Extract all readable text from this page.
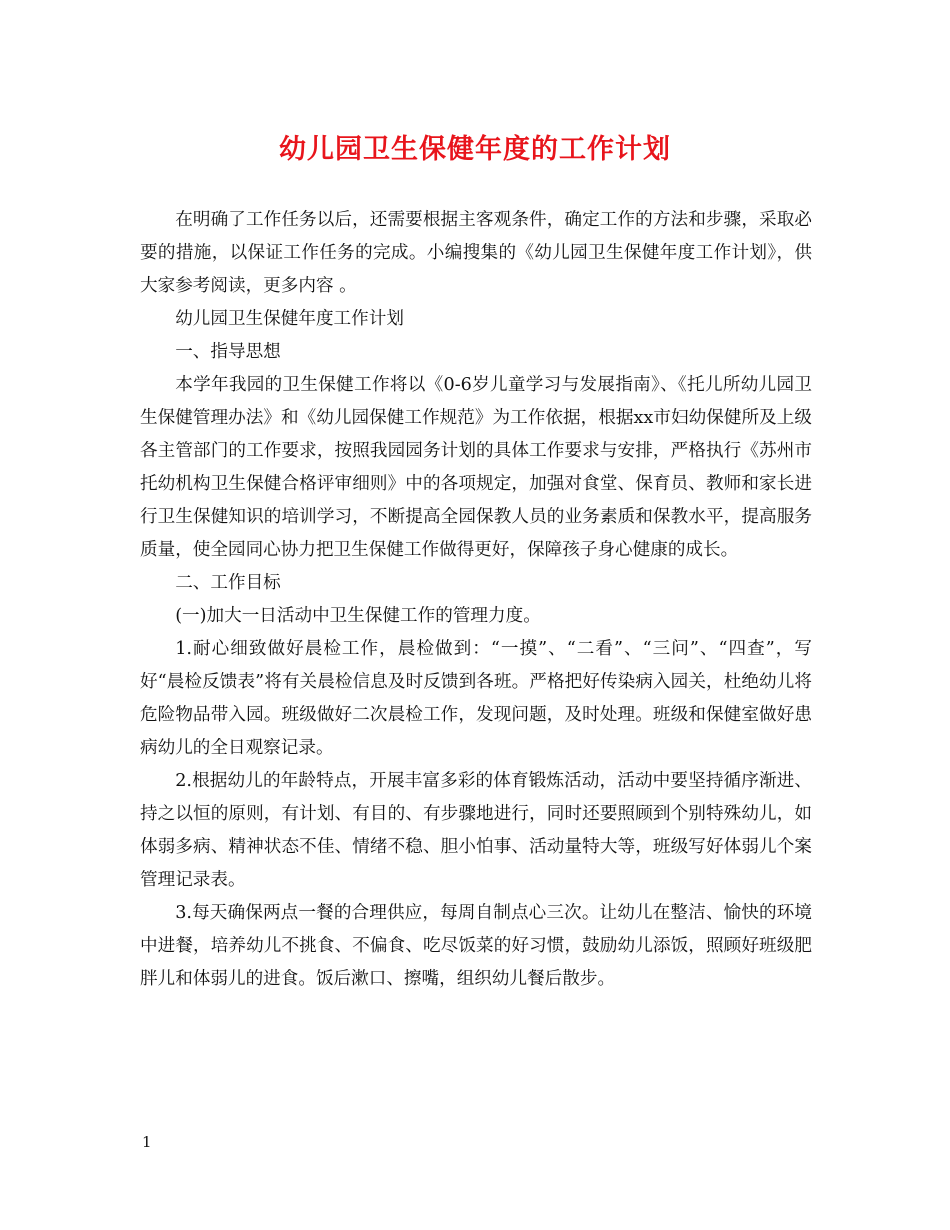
幼儿园卫生保健年度的工作计划

在明确了工作任务以后，还需要根据主客观条件，确定工作的方法和步骤，采取必要的措施，以保证工作任务的完成。小编搜集的《幼儿园卫生保健年度工作计划》，供大家参考阅读，更多内容 。

幼儿园卫生保健年度工作计划

一、指导思想

本学年我园的卫生保健工作将以《0-6岁儿童学习与发展指南》、《托儿所幼儿园卫生保健管理办法》和《幼儿园保健工作规范》为工作依据，根据xx市妇幼保健所及上级各主管部门的工作要求，按照我园园务计划的具体工作要求与安排，严格执行《苏州市托幼机构卫生保健合格评审细则》中的各项规定，加强对食堂、保育员、教师和家长进行卫生保健知识的培训学习，不断提高全园保教人员的业务素质和保教水平，提高服务质量，使全园同心协力把卫生保健工作做得更好，保障孩子身心健康的成长。

二、工作目标

(一)加大一日活动中卫生保健工作的管理力度。

1.耐心细致做好晨检工作，晨检做到：“一摸”、“二看”、“三问”、“四查”，写好“晨检反馈表”将有关晨检信息及时反馈到各班。严格把好传染病入园关，杜绝幼儿将危险物品带入园。班级做好二次晨检工作，发现问题，及时处理。班级和保健室做好患病幼儿的全日观察记录。

2.根据幼儿的年龄特点，开展丰富多彩的体育锻炼活动，活动中要坚持循序渐进、持之以恒的原则，有计划、有目的、有步骤地进行，同时还要照顾到个别特殊幼儿，如体弱多病、精神状态不佳、情绪不稳、胆小怕事、活动量特大等，班级写好体弱儿个案管理记录表。

3.每天确保两点一餐的合理供应，每周自制点心三次。让幼儿在整洁、愉快的环境中进餐，培养幼儿不挑食、不偏食、吃尽饭菜的好习惯，鼓励幼儿添饭，照顾好班级肥胖儿和体弱儿的进食。饭后漱口、擦嘴，组织幼儿餐后散步。

1
